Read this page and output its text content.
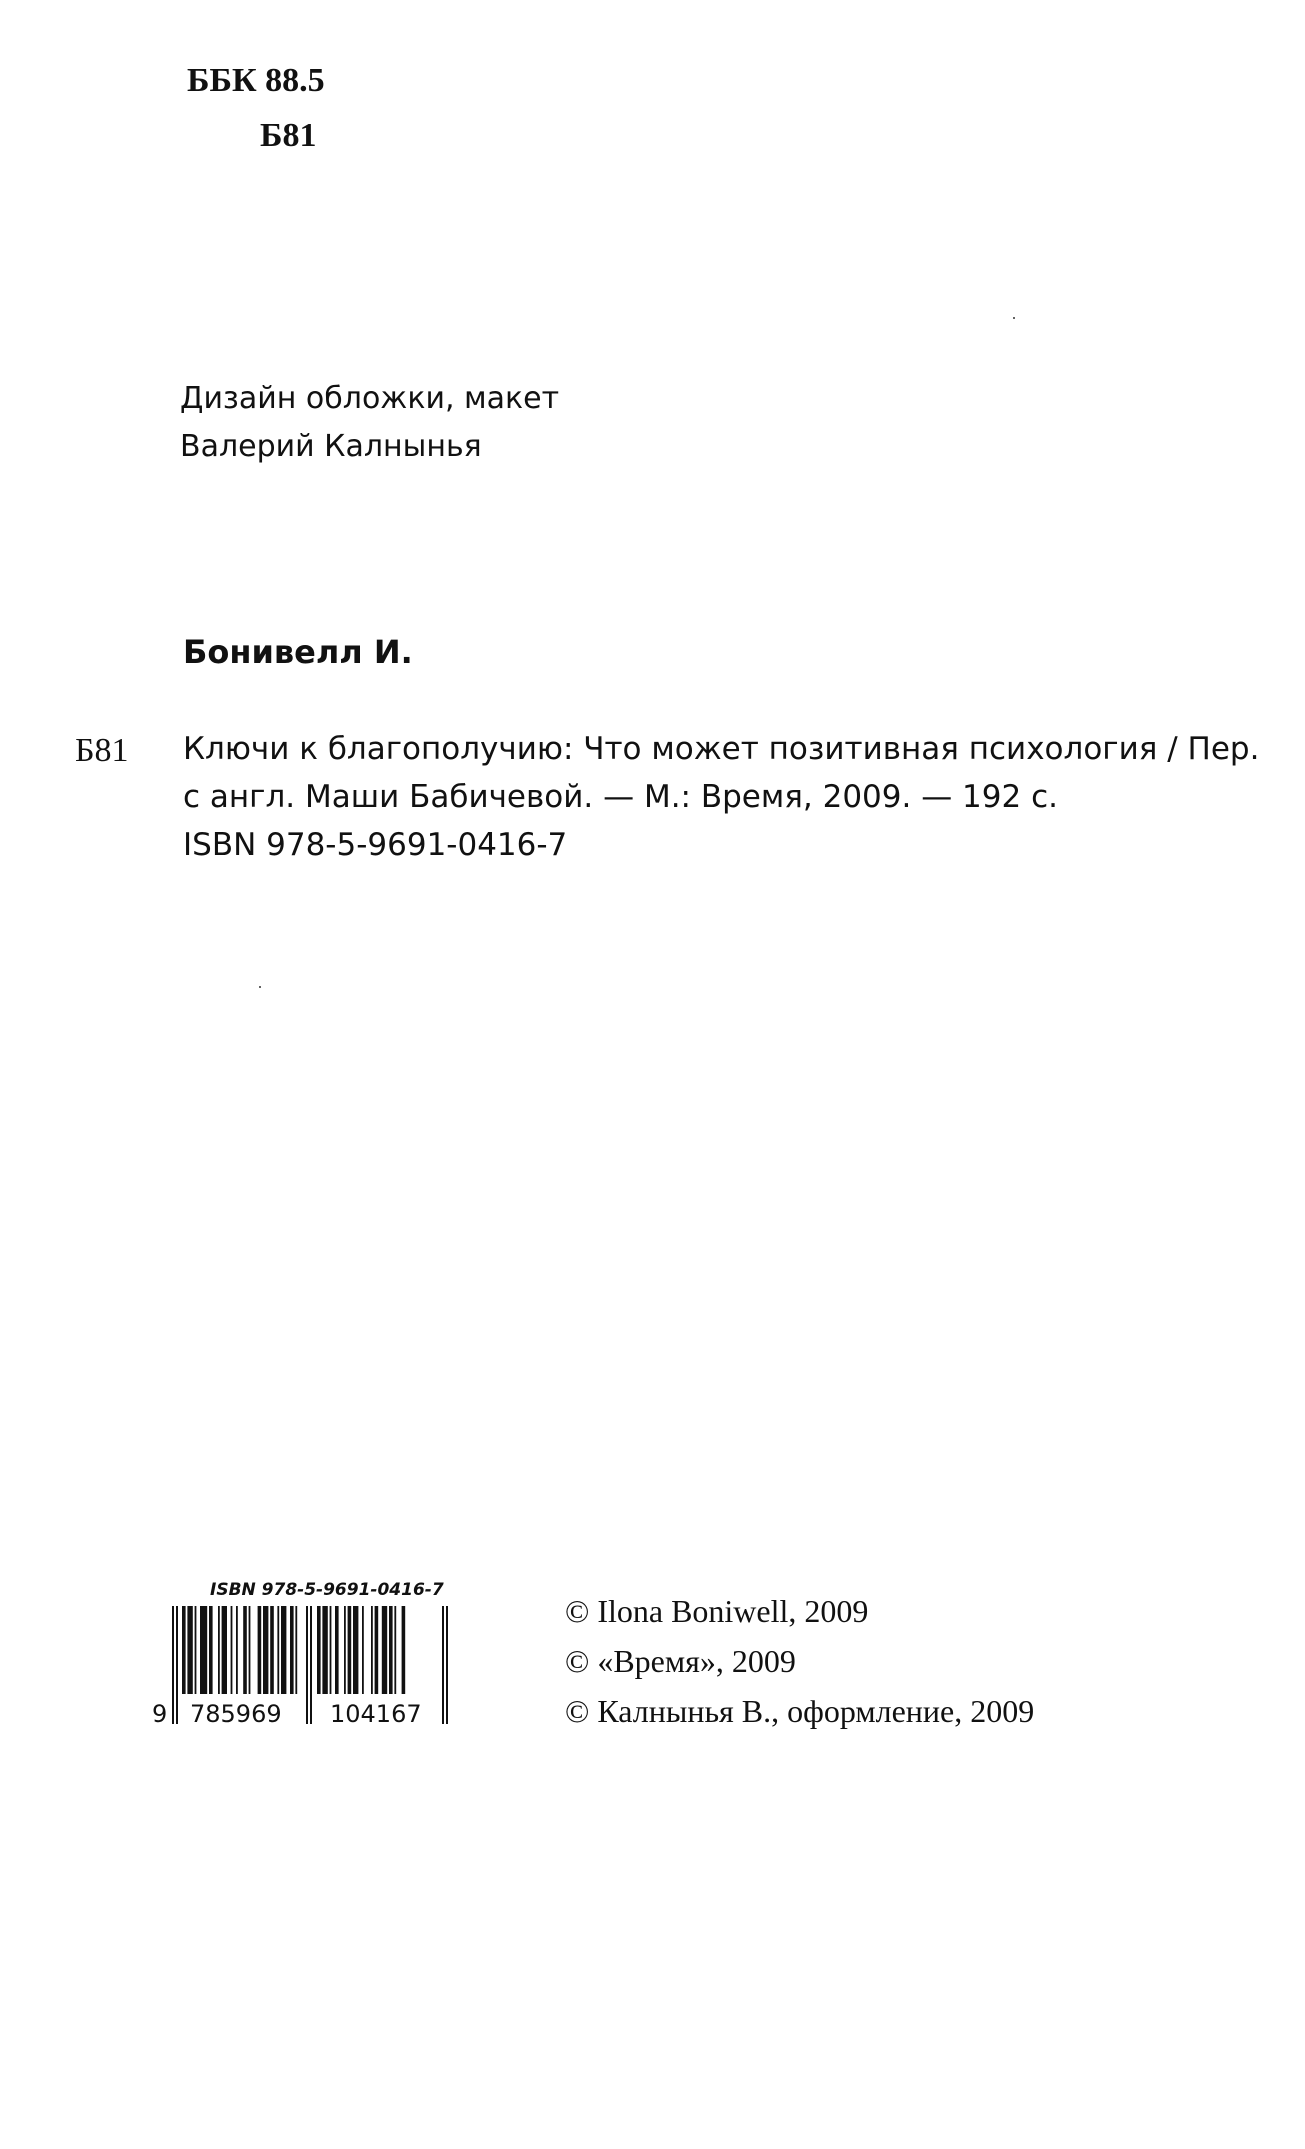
ББК 88.5
Б81
Дизайн обложки, макет
Валерий Калнынья
Бонивелл И.
Б81 Ключи к благополучию: Что может позитивная психология / Пер.
с англ. Маши Бабичевой. — М.: Время, 2009. — 192 с.
ISBN 978-5-9691-0416-7
ISBN 978-5-9691-0416-7
9 785969 104167
© Ilona Boniwell, 2009
© «Время», 2009
© Калнынья В., оформление, 2009
